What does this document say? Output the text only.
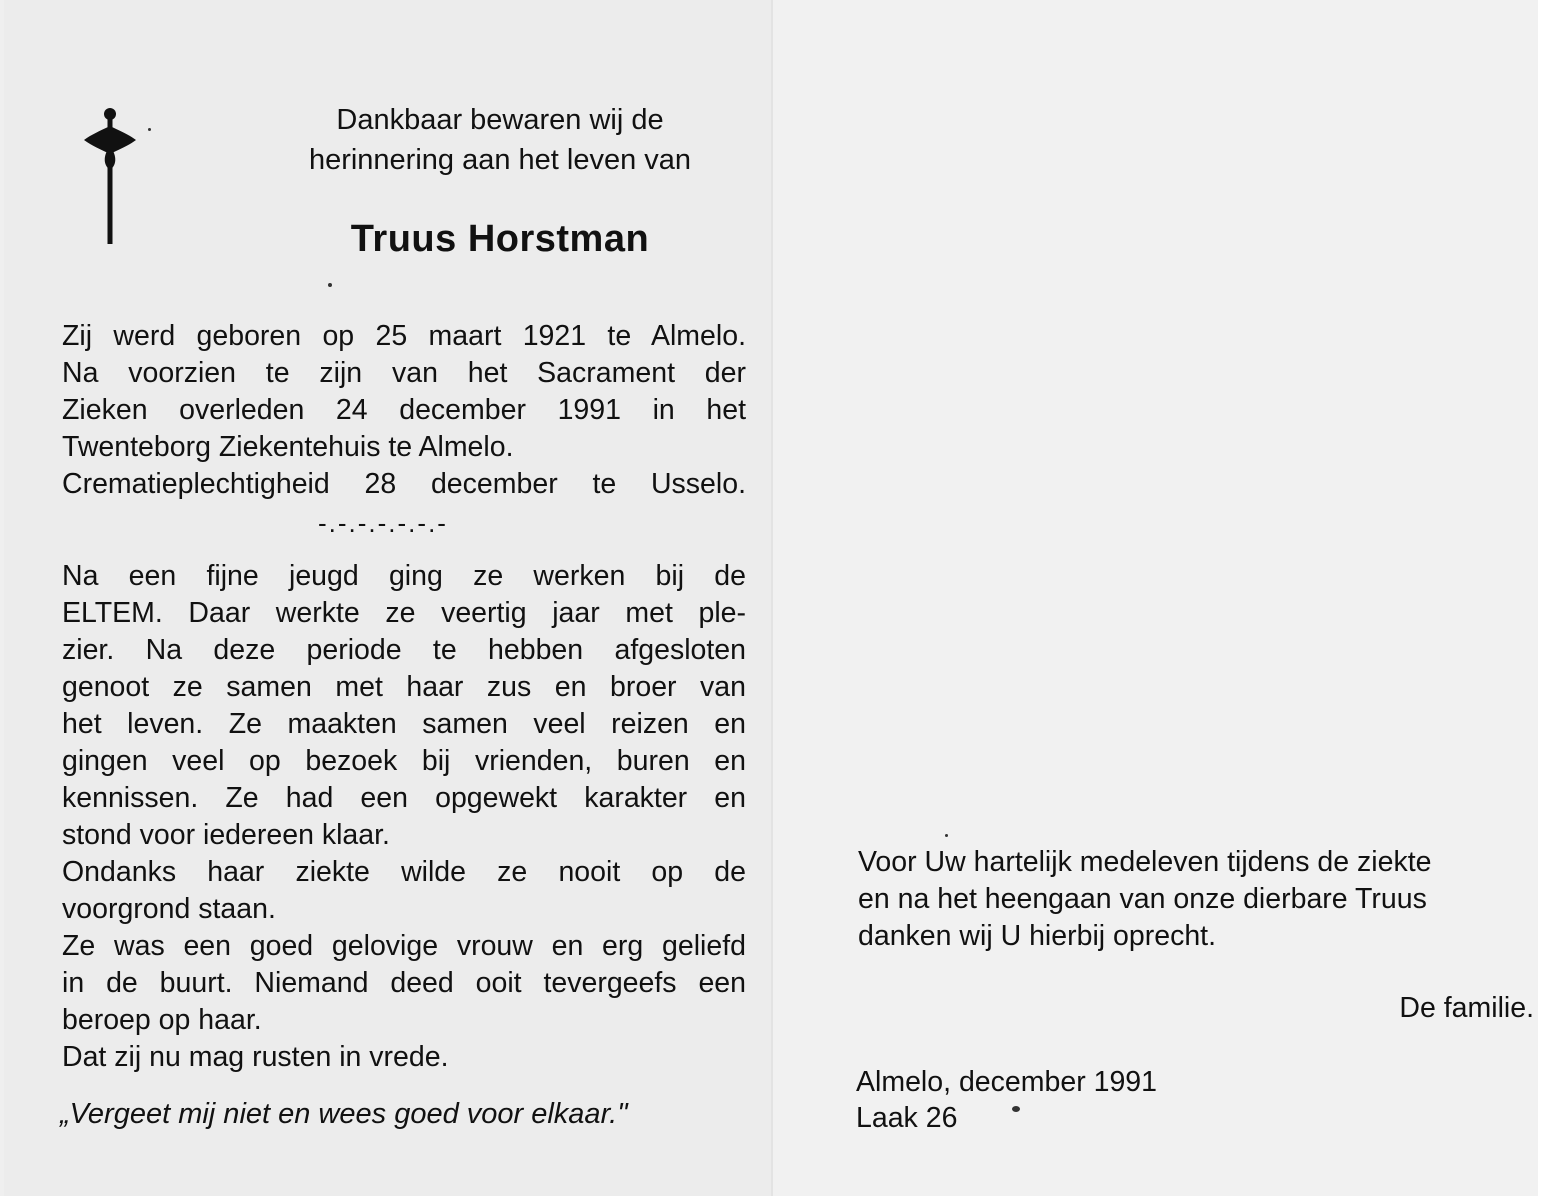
Dankbaar bewaren wij de
herinnering aan het leven van
Truus Horstman
Zij werd geboren op 25 maart 1921 te Almelo.
Na voorzien te zijn van het Sacrament der
Zieken overleden 24 december 1991 in het
Twenteborg Ziekentehuis te Almelo.
Crematieplechtigheid 28 december te Usselo.
-.-.-.-.-.-.-
Na een fijne jeugd ging ze werken bij de
ELTEM. Daar werkte ze veertig jaar met ple-
zier. Na deze periode te hebben afgesloten
genoot ze samen met haar zus en broer van
het leven. Ze maakten samen veel reizen en
gingen veel op bezoek bij vrienden, buren en
kennissen. Ze had een opgewekt karakter en
stond voor iedereen klaar.
Ondanks haar ziekte wilde ze nooit op de
voorgrond staan.
Ze was een goed gelovige vrouw en erg geliefd
in de buurt. Niemand deed ooit tevergeefs een
beroep op haar.
Dat zij nu mag rusten in vrede.
„Vergeet mij niet en wees goed voor elkaar."
Voor Uw hartelijk medeleven tijdens de ziekte
en na het heengaan van onze dierbare Truus
danken wij U hierbij oprecht.
De familie.
Almelo, december 1991
Laak 26
